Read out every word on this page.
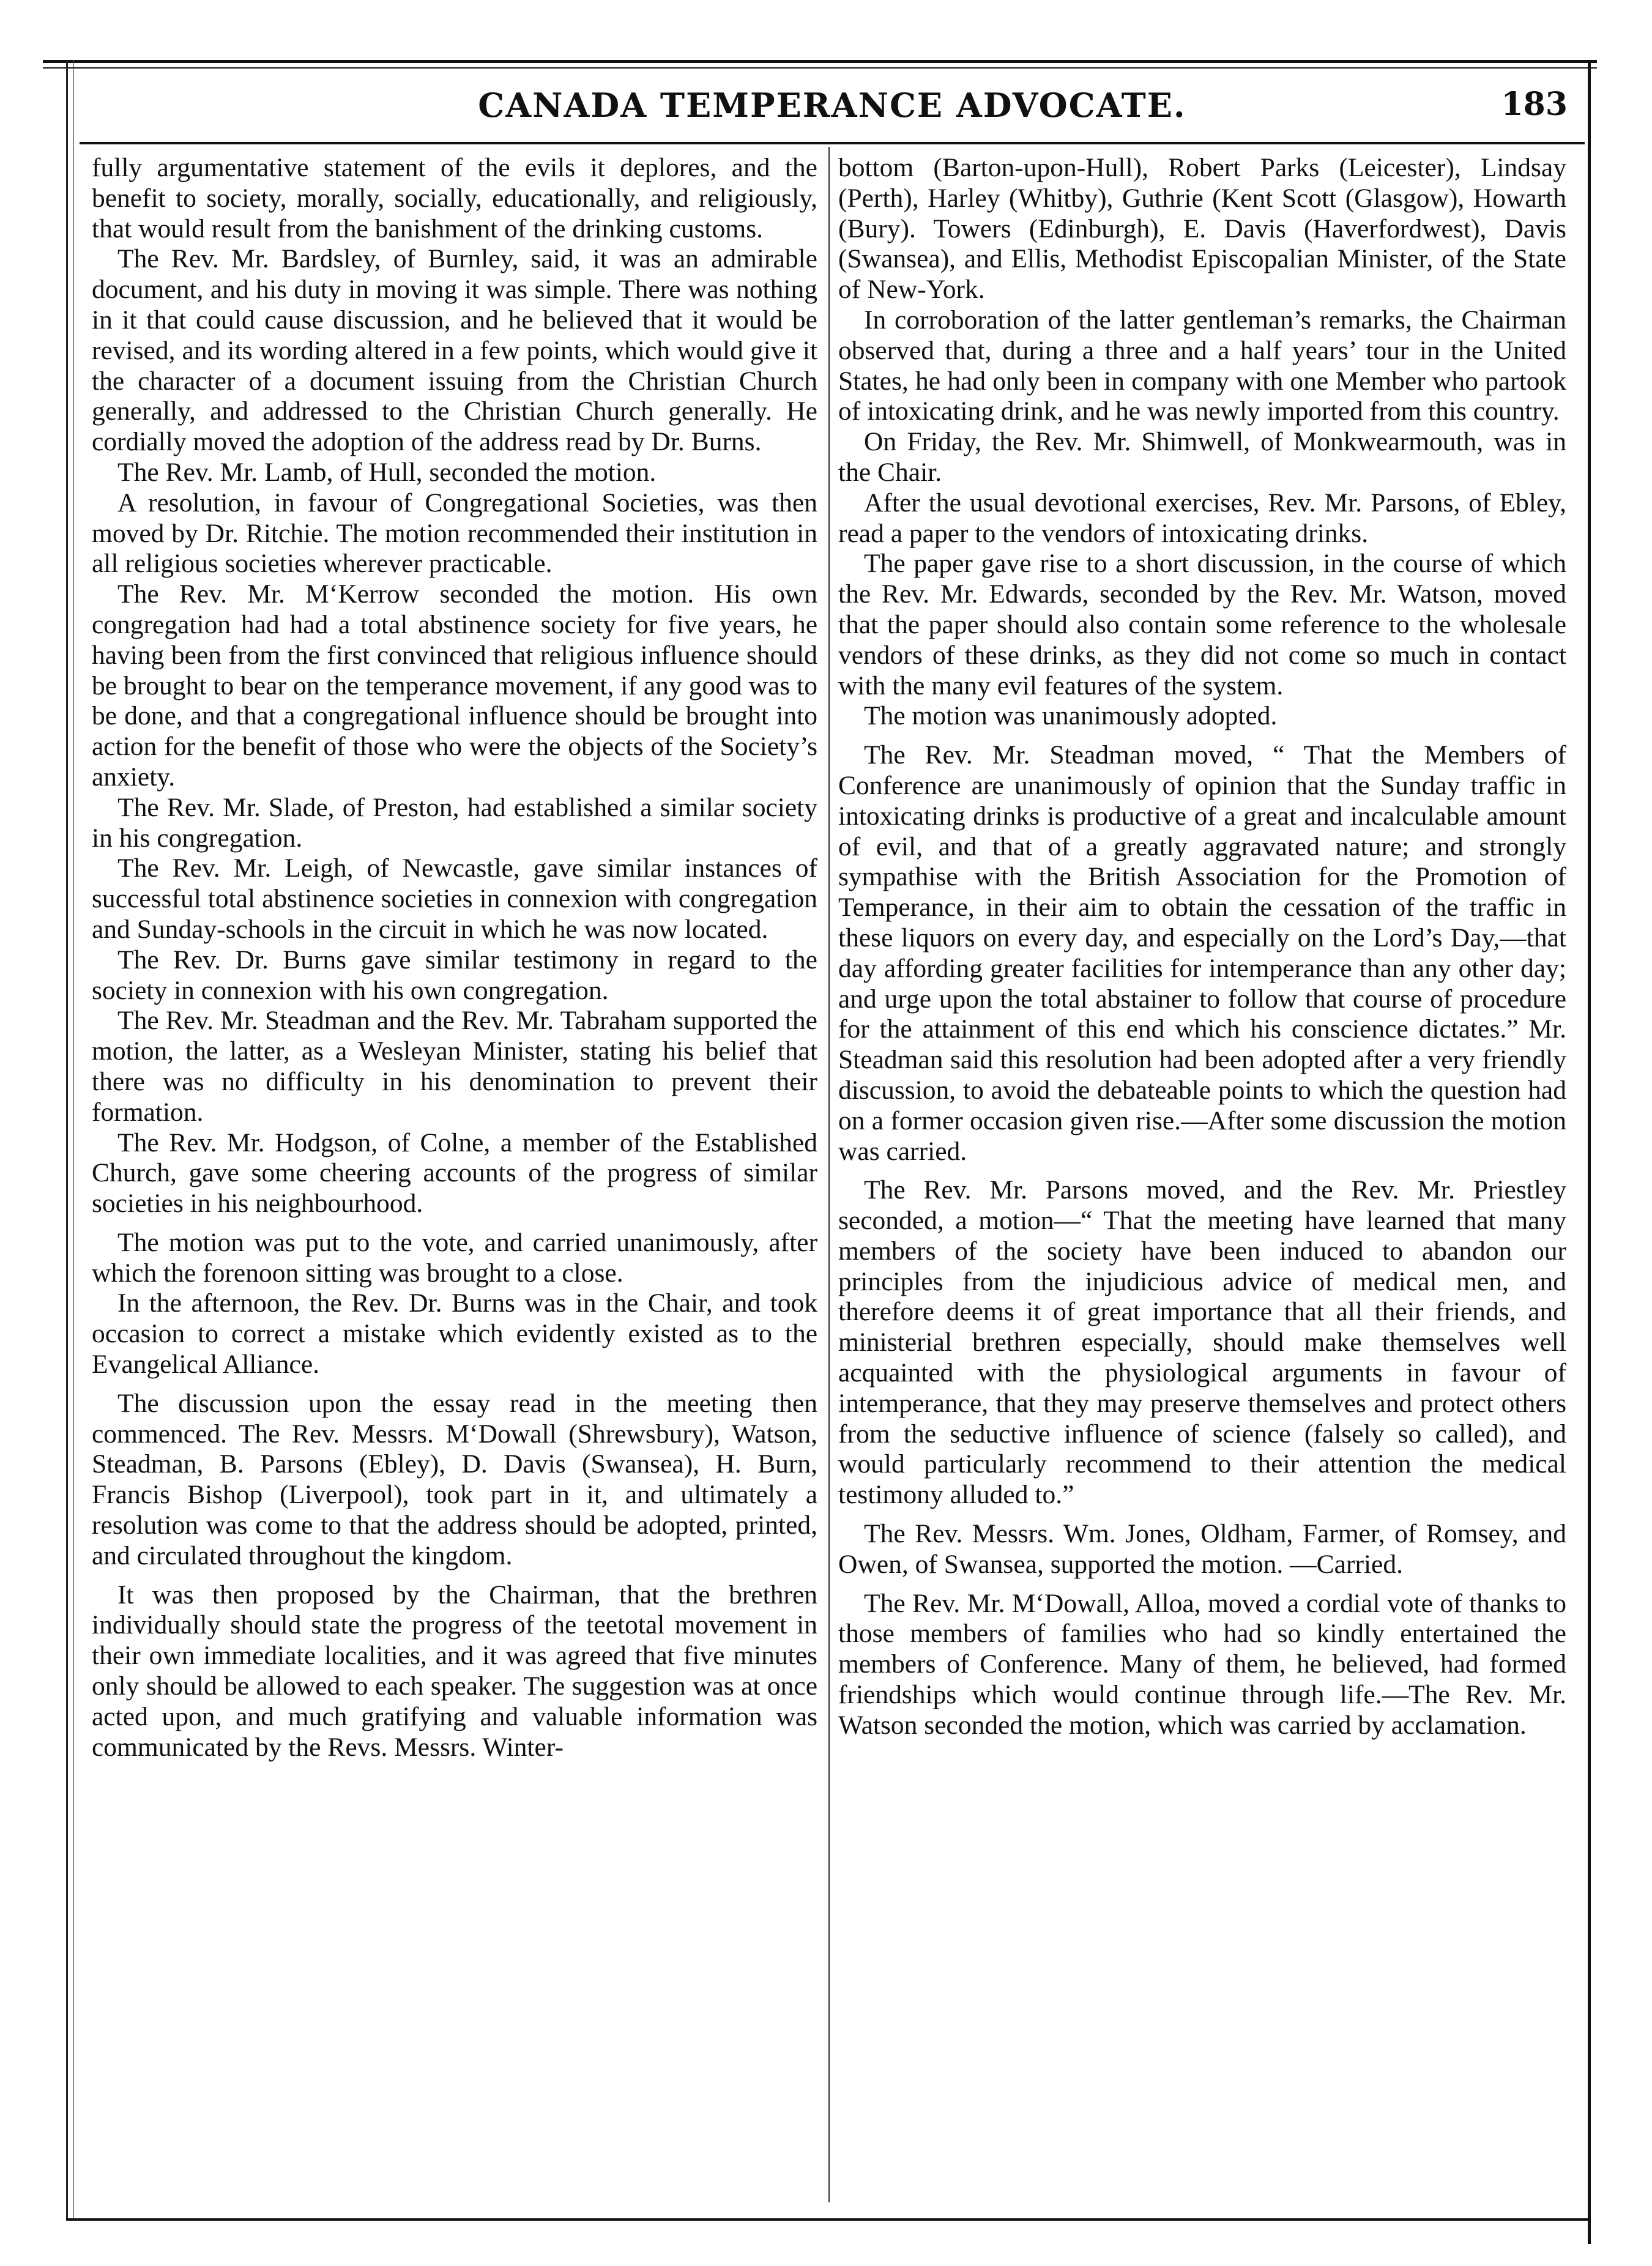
CANADA TEMPERANCE ADVOCATE.	183

fully argumentative statement of the evils it deplores, and the benefit to society, morally, socially, educationally, and religiously, that would result from the banishment of the drinking customs.

The Rev. Mr. Bardsley, of Burnley, said, it was an admirable document, and his duty in moving it was simple. There was nothing in it that could cause discussion, and he believed that it would be revised, and its wording altered in a few points, which would give it the character of a document issuing from the Christian Church generally, and addressed to the Christian Church generally. He cordially moved the adoption of the address read by Dr. Burns.

The Rev. Mr. Lamb, of Hull, seconded the motion.

A resolution, in favour of Congregational Societies, was then moved by Dr. Ritchie. The motion recommended their institution in all religious societies wherever practicable.

The Rev. Mr. M‘Kerrow seconded the motion. His own congregation had had a total abstinence society for five years, he having been from the first convinced that religious influence should be brought to bear on the temperance movement, if any good was to be done, and that a congregational influence should be brought into action for the benefit of those who were the objects of the Society’s anxiety.

The Rev. Mr. Slade, of Preston, had established a similar society in his congregation.

The Rev. Mr. Leigh, of Newcastle, gave similar instances of successful total abstinence societies in connexion with congregation and Sunday-schools in the circuit in which he was now located.

The Rev. Dr. Burns gave similar testimony in regard to the society in connexion with his own congregation.

The Rev. Mr. Steadman and the Rev. Mr. Tabraham supported the motion, the latter, as a Wesleyan Minister, stating his belief that there was no difficulty in his denomination to prevent their formation.

The Rev. Mr. Hodgson, of Colne, a member of the Established Church, gave some cheering accounts of the progress of similar societies in his neighbourhood.

The motion was put to the vote, and carried unanimously, after which the forenoon sitting was brought to a close.

In the afternoon, the Rev. Dr. Burns was in the Chair, and took occasion to correct a mistake which evidently existed as to the Evangelical Alliance.

The discussion upon the essay read in the meeting then commenced. The Rev. Messrs. M‘Dowall (Shrewsbury), Watson, Steadman, B. Parsons (Ebley), D. Davis (Swansea), H. Burn, Francis Bishop (Liverpool), took part in it, and ultimately a resolution was come to that the address should be adopted, printed, and circulated throughout the kingdom.

It was then proposed by the Chairman, that the brethren individually should state the progress of the teetotal movement in their own immediate localities, and it was agreed that five minutes only should be allowed to each speaker. The suggestion was at once acted upon, and much gratifying and valuable information was communicated by the Revs. Messrs. Winter-

bottom (Barton-upon-Hull), Robert Parks (Leicester), Lindsay (Perth), Harley (Whitby), Guthrie (Kent Scott (Glasgow), Howarth (Bury). Towers (Edinburgh), E. Davis (Haverfordwest), Davis (Swansea), and Ellis, Methodist Episcopalian Minister, of the State of New-York.

In corroboration of the latter gentleman’s remarks, the Chairman observed that, during a three and a half years’ tour in the United States, he had only been in company with one Member who partook of intoxicating drink, and he was newly imported from this country.

On Friday, the Rev. Mr. Shimwell, of Monkwearmouth, was in the Chair.

After the usual devotional exercises, Rev. Mr. Parsons, of Ebley, read a paper to the vendors of intoxicating drinks.

The paper gave rise to a short discussion, in the course of which the Rev. Mr. Edwards, seconded by the Rev. Mr. Watson, moved that the paper should also contain some reference to the wholesale vendors of these drinks, as they did not come so much in contact with the many evil features of the system.

The motion was unanimously adopted.

The Rev. Mr. Steadman moved, “ That the Members of Conference are unanimously of opinion that the Sunday traffic in intoxicating drinks is productive of a great and incalculable amount of evil, and that of a greatly aggravated nature; and strongly sympathise with the British Association for the Promotion of Temperance, in their aim to obtain the cessation of the traffic in these liquors on every day, and especially on the Lord’s Day,—that day affording greater facilities for intemperance than any other day; and urge upon the total abstainer to follow that course of procedure for the attainment of this end which his conscience dictates.” Mr. Steadman said this resolution had been adopted after a very friendly discussion, to avoid the debateable points to which the question had on a former occasion given rise.—After some discussion the motion was carried.

The Rev. Mr. Parsons moved, and the Rev. Mr. Priestley seconded, a motion—“ That the meeting have learned that many members of the society have been induced to abandon our principles from the injudicious advice of medical men, and therefore deems it of great importance that all their friends, and ministerial brethren especially, should make themselves well acquainted with the physiological arguments in favour of intemperance, that they may preserve themselves and protect others from the seductive influence of science (falsely so called), and would particularly recommend to their attention the medical testimony alluded to.”

The Rev. Messrs. Wm. Jones, Oldham, Farmer, of Romsey, and Owen, of Swansea, supported the motion. —Carried.

The Rev. Mr. M‘Dowall, Alloa, moved a cordial vote of thanks to those members of families who had so kindly entertained the members of Conference. Many of them, he believed, had formed friendships which would continue through life.—The Rev. Mr. Watson seconded the motion, which was carried by acclamation.
